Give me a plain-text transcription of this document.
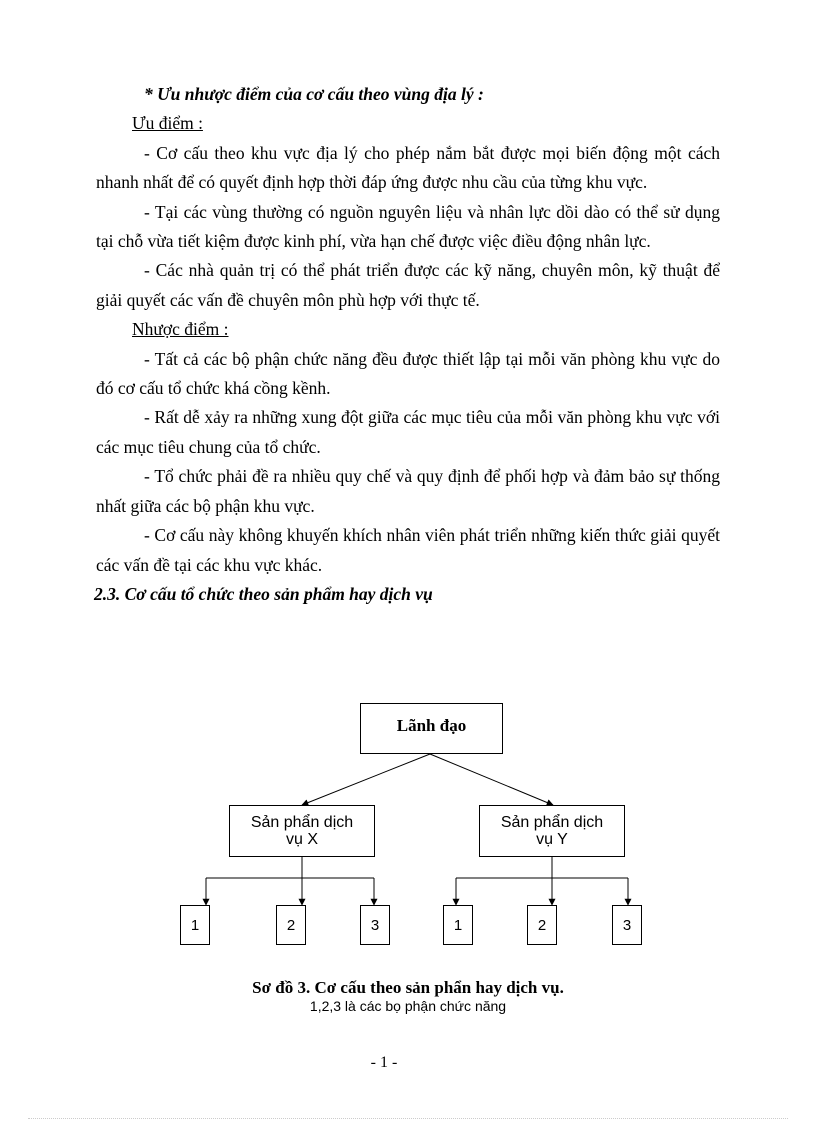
* Ưu nhược điểm của cơ cấu theo vùng địa lý :

Ưu điểm :

- Cơ cấu theo khu vực địa lý cho phép nắm bắt được mọi biến động một cách nhanh nhất để có quyết định hợp thời đáp ứng được nhu cầu của từng khu vực.

- Tại các vùng thường có nguồn nguyên liệu và nhân lực dồi dào có thể sử dụng tại chỗ vừa tiết kiệm được kinh phí, vừa hạn chế được việc điều động nhân lực.

- Các nhà quản trị có thể phát triển được các kỹ năng, chuyên môn, kỹ thuật để giải quyết các vấn đề chuyên môn phù hợp với thực tế.

Nhược điểm :

- Tất cả các bộ phận chức năng đều được thiết lập tại mỗi văn phòng khu vực do đó cơ cấu tổ chức khá cồng kềnh.

- Rất dễ xảy ra những xung đột giữa các mục tiêu của mỗi văn phòng khu vực với các mục tiêu chung của tổ chức.

- Tổ chức phải đề ra nhiều quy chế và quy định để phối hợp và đảm bảo sự thống nhất giữa các bộ phận khu vực.

- Cơ cấu này không khuyến khích nhân viên phát triển những kiến thức giải quyết các vấn đề tại các khu vực khác.

2.3. Cơ cấu tổ chức theo sản phẩm hay dịch vụ

Lãnh đạo
Sản phẩn dịch
vụ X
Sản phẩn dịch
vụ Y
1	2	3	1	2	3
Sơ đồ 3. Cơ cấu theo sản phẩn hay dịch vụ.
1,2,3 là các bọ phận chức năng
- 1 -
